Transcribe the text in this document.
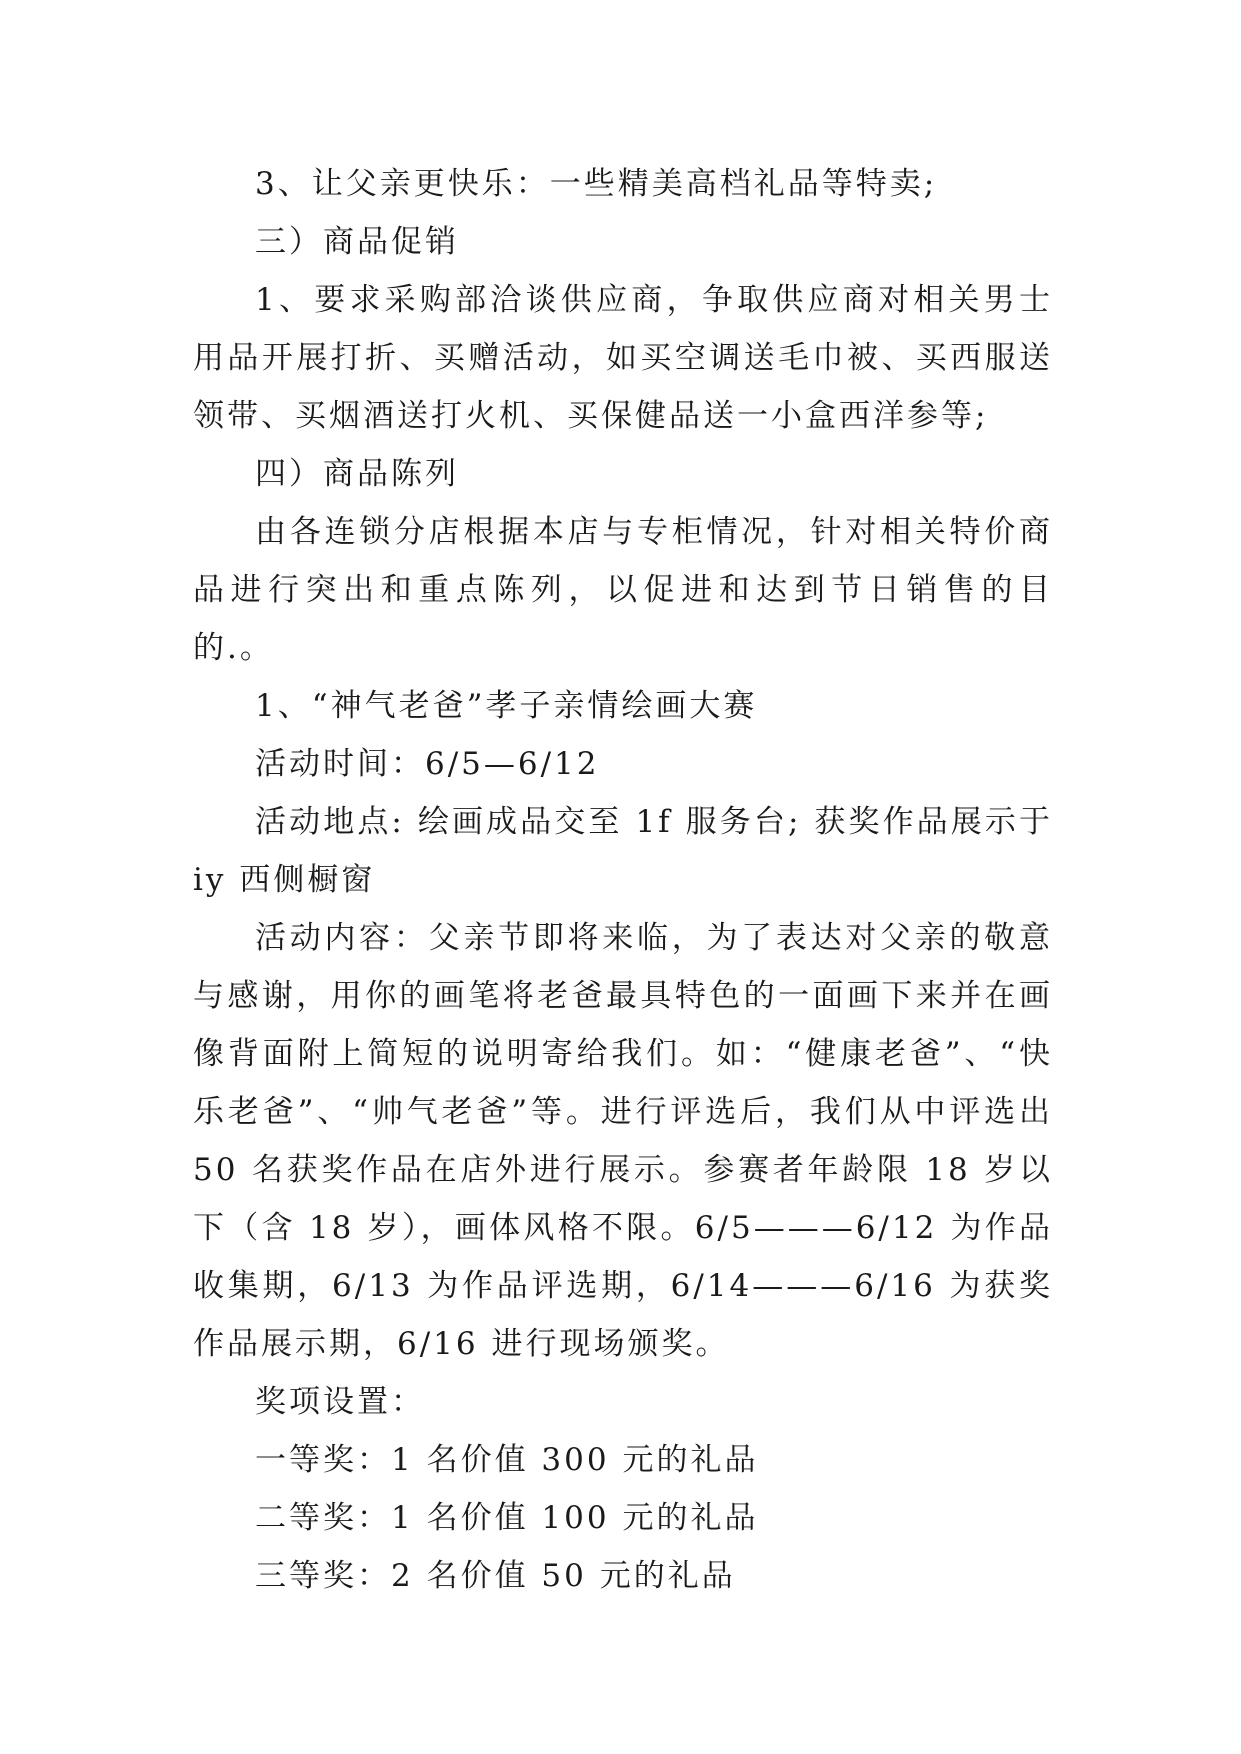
3、让父亲更快乐：一些精美高档礼品等特卖;

三）商品促销

1、要求采购部洽谈供应商，争取供应商对相关男士用品开展打折、买赠活动，如买空调送毛巾被、买西服送领带、买烟酒送打火机、买保健品送一小盒西洋参等;

四）商品陈列

由各连锁分店根据本店与专柜情况，针对相关特价商品进行突出和重点陈列，以促进和达到节日销售的目的.。

1、“神气老爸”孝子亲情绘画大赛

活动时间：6/5—6/12

活动地点: 绘画成品交至 1f 服务台; 获奖作品展示于 iy 西侧橱窗

活动内容：父亲节即将来临，为了表达对父亲的敬意与感谢，用你的画笔将老爸最具特色的一面画下来并在画像背面附上简短的说明寄给我们。如：“健康老爸”、“快乐老爸”、“帅气老爸”等。进行评选后，我们从中评选出 50 名获奖作品在店外进行展示。参赛者年龄限 18 岁以下（含 18 岁），画体风格不限。6/5———6/12 为作品收集期，6/13 为作品评选期，6/14———6/16 为获奖作品展示期，6/16 进行现场颁奖。

奖项设置：

一等奖：1 名价值 300 元的礼品

二等奖：1 名价值 100 元的礼品

三等奖：2 名价值 50 元的礼品
